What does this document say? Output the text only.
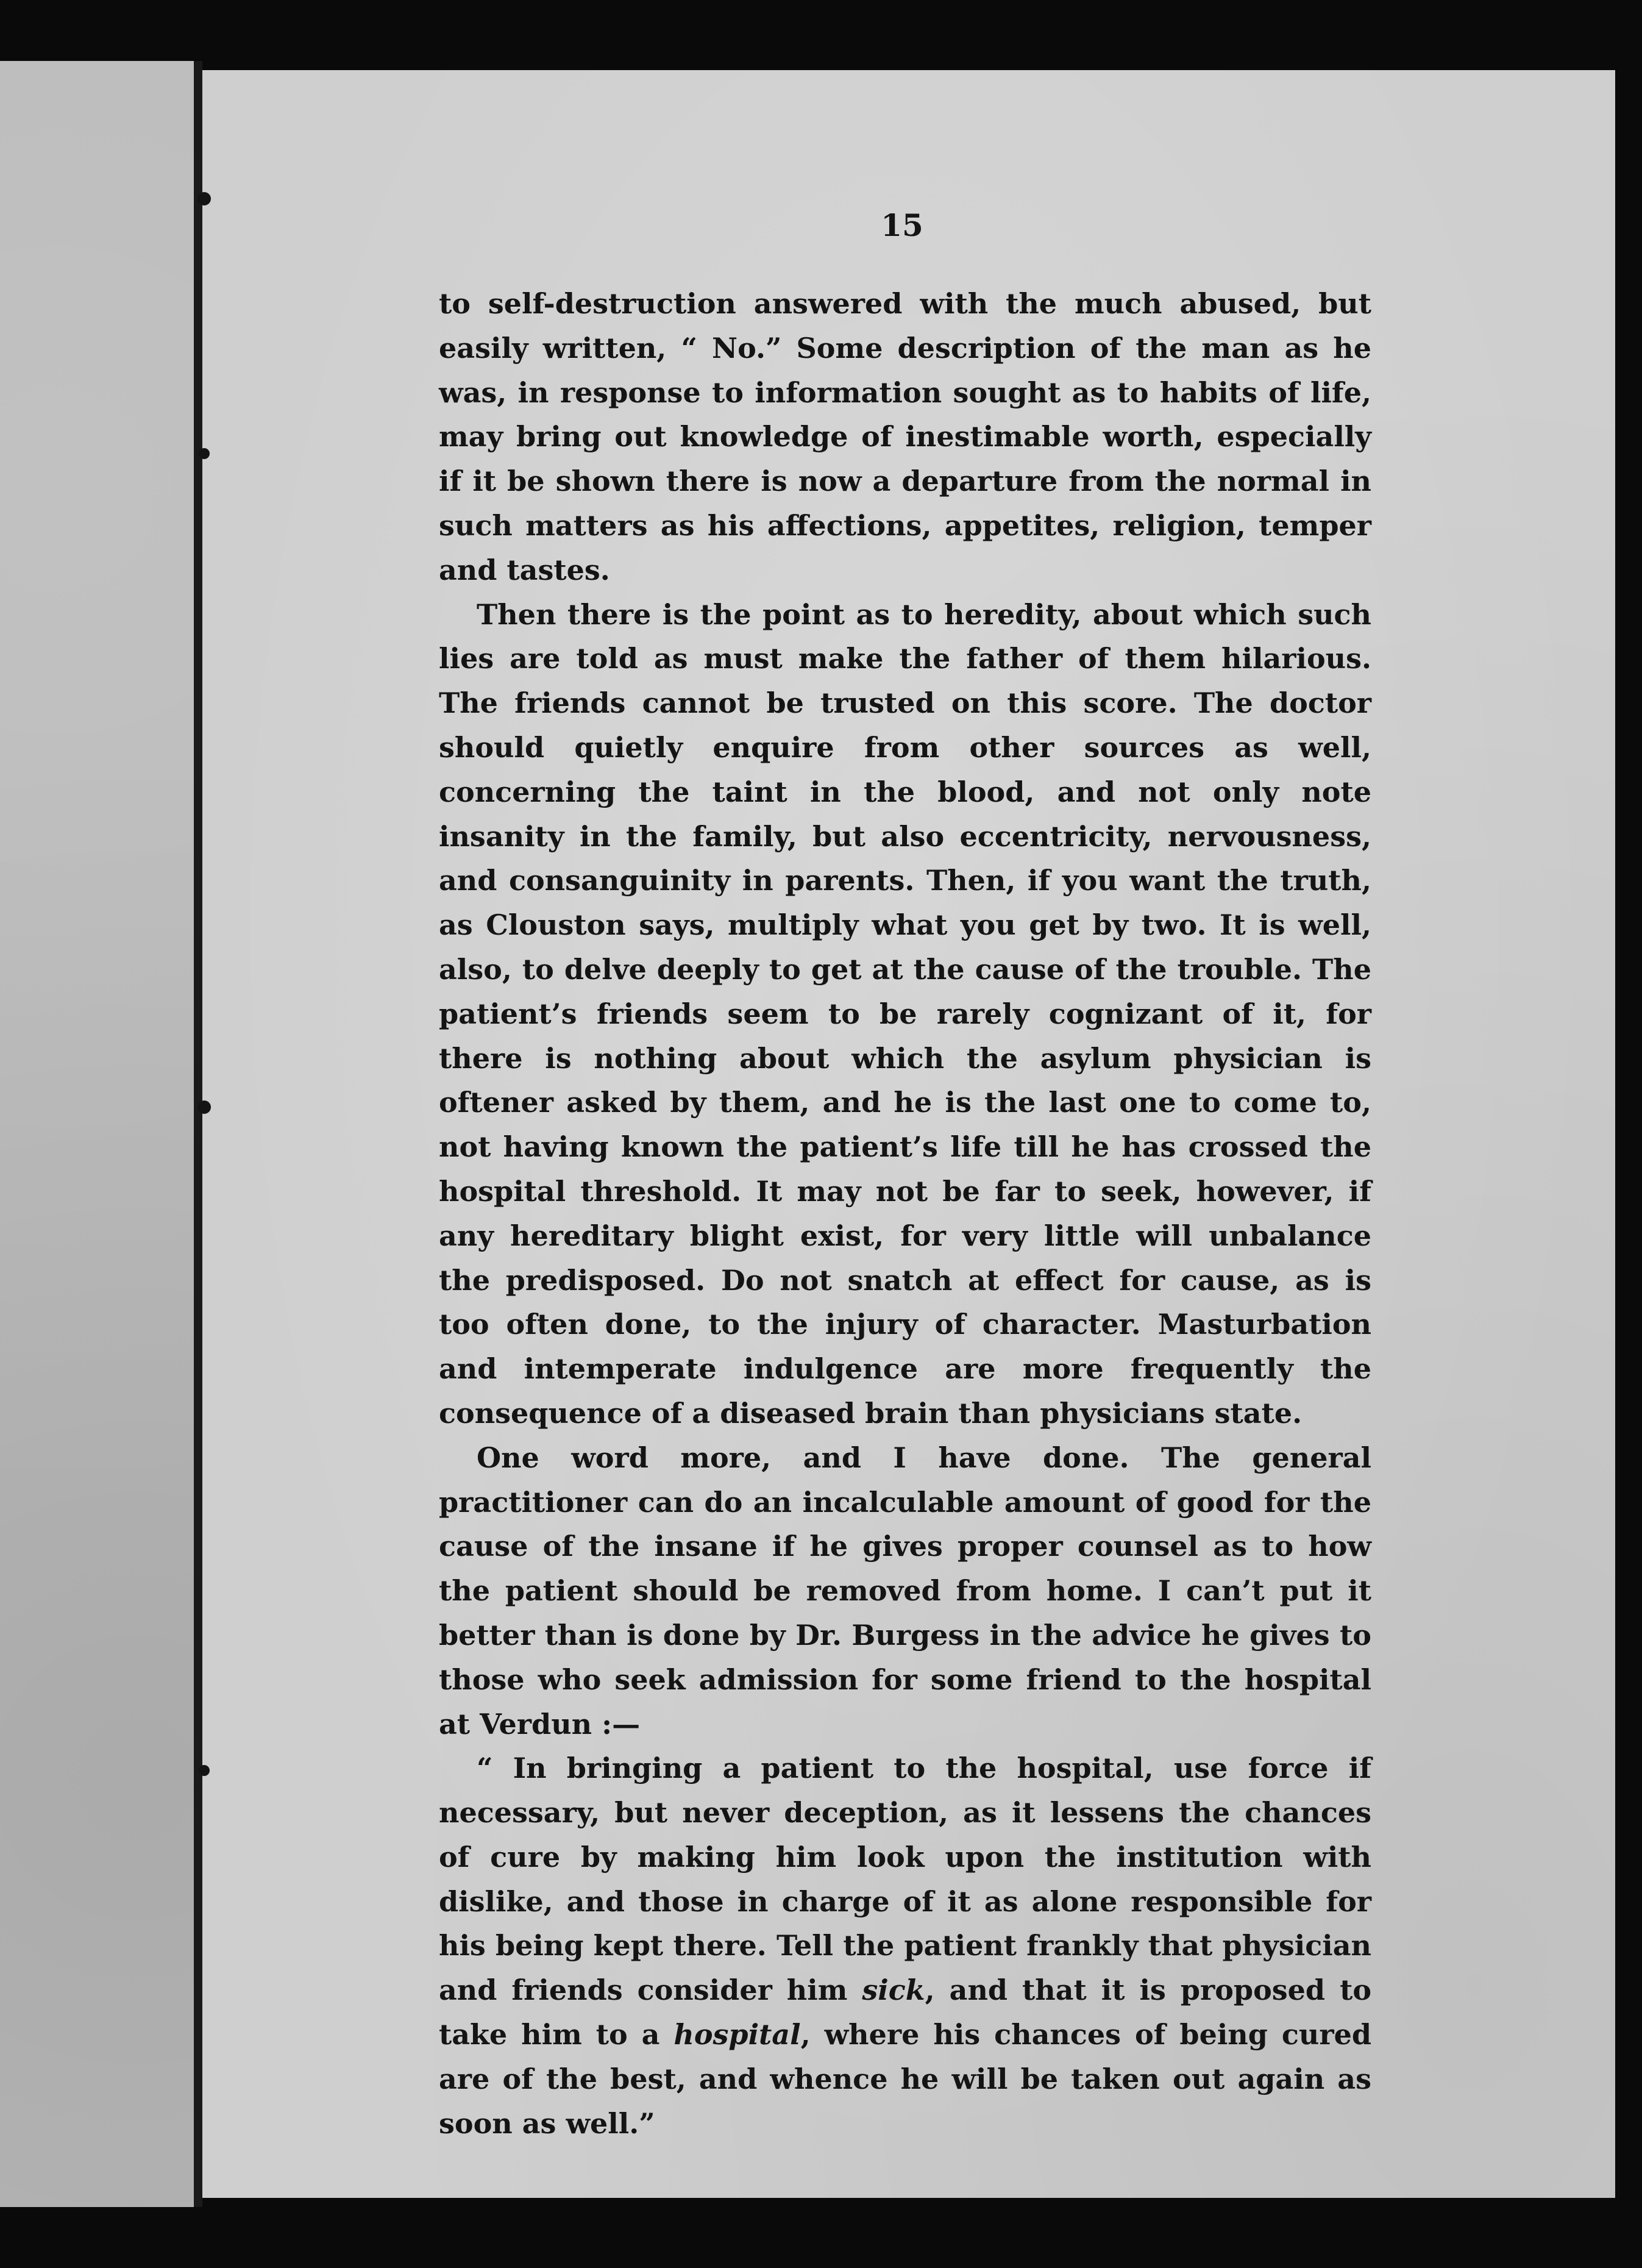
15

to self-destruction answered with the much abused, but easily written, “ No.” Some description of the man as he was, in response to information sought as to habits of life, may bring out knowledge of inestimable worth, especially if it be shown there is now a departure from the normal in such matters as his affections, appetites, religion, temper and tastes.

Then there is the point as to heredity, about which such lies are told as must make the father of them hilarious. The friends cannot be trusted on this score. The doctor should quietly enquire from other sources as well, concerning the taint in the blood, and not only note insanity in the family, but also eccentricity, nervousness, and consanguinity in parents. Then, if you want the truth, as Clouston says, multiply what you get by two. It is well, also, to delve deeply to get at the cause of the trouble. The patient’s friends seem to be rarely cognizant of it, for there is nothing about which the asylum physician is oftener asked by them, and he is the last one to come to, not having known the patient’s life till he has crossed the hospital threshold. It may not be far to seek, however, if any hereditary blight exist, for very little will unbalance the predisposed. Do not snatch at effect for cause, as is too often done, to the injury of character. Masturbation and intemperate indulgence are more frequently the consequence of a diseased brain than physicians state.

One word more, and I have done. The general practitioner can do an incalculable amount of good for the cause of the insane if he gives proper counsel as to how the patient should be removed from home. I can’t put it better than is done by Dr. Burgess in the advice he gives to those who seek admission for some friend to the hospital at Verdun :—

“ In bringing a patient to the hospital, use force if necessary, but never deception, as it lessens the chances of cure by making him look upon the institution with dislike, and those in charge of it as alone responsible for his being kept there. Tell the patient frankly that physician and friends consider him sick, and that it is proposed to take him to a hospital, where his chances of being cured are of the best, and whence he will be taken out again as soon as well.”
